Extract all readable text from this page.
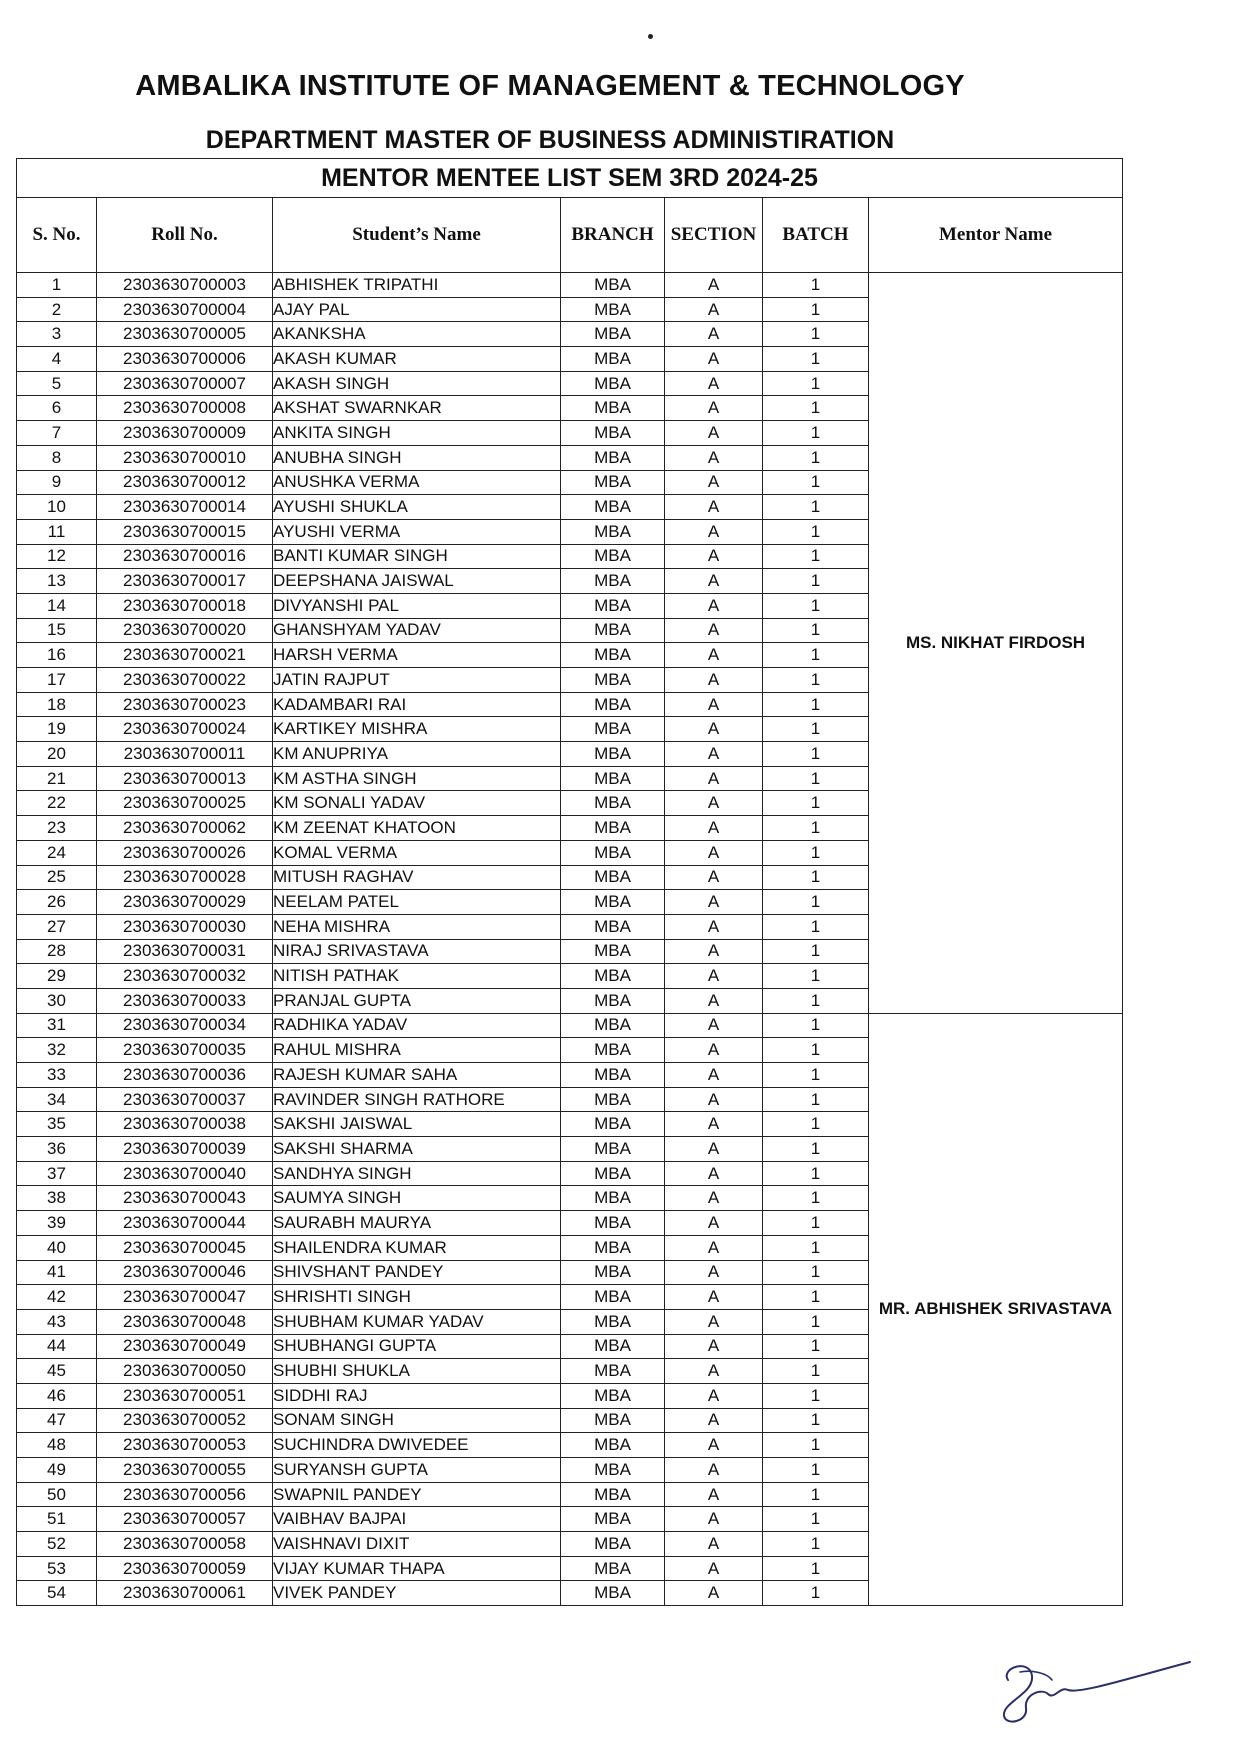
AMBALIKA INSTITUTE OF MANAGEMENT & TECHNOLOGY
DEPARTMENT MASTER OF BUSINESS ADMINISTIRATION
MENTOR MENTEE LIST SEM 3RD 2024-25						
S. No.	Roll No.	Student’s Name	BRANCH	SECTION	BATCH	Mentor Name
1	2303630700003	ABHISHEK TRIPATHI	MBA	A	1	MS. NIKHAT FIRDOSH
2	2303630700004	AJAY PAL	MBA	A	1	
3	2303630700005	AKANKSHA	MBA	A	1	
4	2303630700006	AKASH KUMAR	MBA	A	1	
5	2303630700007	AKASH SINGH	MBA	A	1	
6	2303630700008	AKSHAT SWARNKAR	MBA	A	1	
7	2303630700009	ANKITA SINGH	MBA	A	1	
8	2303630700010	ANUBHA SINGH	MBA	A	1	
9	2303630700012	ANUSHKA VERMA	MBA	A	1	
10	2303630700014	AYUSHI SHUKLA	MBA	A	1	
11	2303630700015	AYUSHI VERMA	MBA	A	1	
12	2303630700016	BANTI KUMAR SINGH	MBA	A	1	
13	2303630700017	DEEPSHANA JAISWAL	MBA	A	1	
14	2303630700018	DIVYANSHI PAL	MBA	A	1	
15	2303630700020	GHANSHYAM YADAV	MBA	A	1	
16	2303630700021	HARSH VERMA	MBA	A	1	
17	2303630700022	JATIN RAJPUT	MBA	A	1	
18	2303630700023	KADAMBARI RAI	MBA	A	1	
19	2303630700024	KARTIKEY MISHRA	MBA	A	1	
20	2303630700011	KM ANUPRIYA	MBA	A	1	
21	2303630700013	KM ASTHA SINGH	MBA	A	1	
22	2303630700025	KM SONALI YADAV	MBA	A	1	
23	2303630700062	KM ZEENAT KHATOON	MBA	A	1	
24	2303630700026	KOMAL VERMA	MBA	A	1	
25	2303630700028	MITUSH RAGHAV	MBA	A	1	
26	2303630700029	NEELAM PATEL	MBA	A	1	
27	2303630700030	NEHA MISHRA	MBA	A	1	
28	2303630700031	NIRAJ SRIVASTAVA	MBA	A	1	
29	2303630700032	NITISH PATHAK	MBA	A	1	
30	2303630700033	PRANJAL GUPTA	MBA	A	1	
31	2303630700034	RADHIKA YADAV	MBA	A	1	MR. ABHISHEK SRIVASTAVA
32	2303630700035	RAHUL MISHRA	MBA	A	1	
33	2303630700036	RAJESH KUMAR SAHA	MBA	A	1	
34	2303630700037	RAVINDER SINGH RATHORE	MBA	A	1	
35	2303630700038	SAKSHI JAISWAL	MBA	A	1	
36	2303630700039	SAKSHI SHARMA	MBA	A	1	
37	2303630700040	SANDHYA SINGH	MBA	A	1	
38	2303630700043	SAUMYA SINGH	MBA	A	1	
39	2303630700044	SAURABH MAURYA	MBA	A	1	
40	2303630700045	SHAILENDRA KUMAR	MBA	A	1	
41	2303630700046	SHIVSHANT PANDEY	MBA	A	1	
42	2303630700047	SHRISHTI SINGH	MBA	A	1	
43	2303630700048	SHUBHAM KUMAR YADAV	MBA	A	1	
44	2303630700049	SHUBHANGI GUPTA	MBA	A	1	
45	2303630700050	SHUBHI SHUKLA	MBA	A	1	
46	2303630700051	SIDDHI RAJ	MBA	A	1	
47	2303630700052	SONAM SINGH	MBA	A	1	
48	2303630700053	SUCHINDRA DWIVEDEE	MBA	A	1	
49	2303630700055	SURYANSH GUPTA	MBA	A	1	
50	2303630700056	SWAPNIL PANDEY	MBA	A	1	
51	2303630700057	VAIBHAV BAJPAI	MBA	A	1	
52	2303630700058	VAISHNAVI DIXIT	MBA	A	1	
53	2303630700059	VIJAY KUMAR THAPA	MBA	A	1	
54	2303630700061	VIVEK PANDEY	MBA	A	1	
